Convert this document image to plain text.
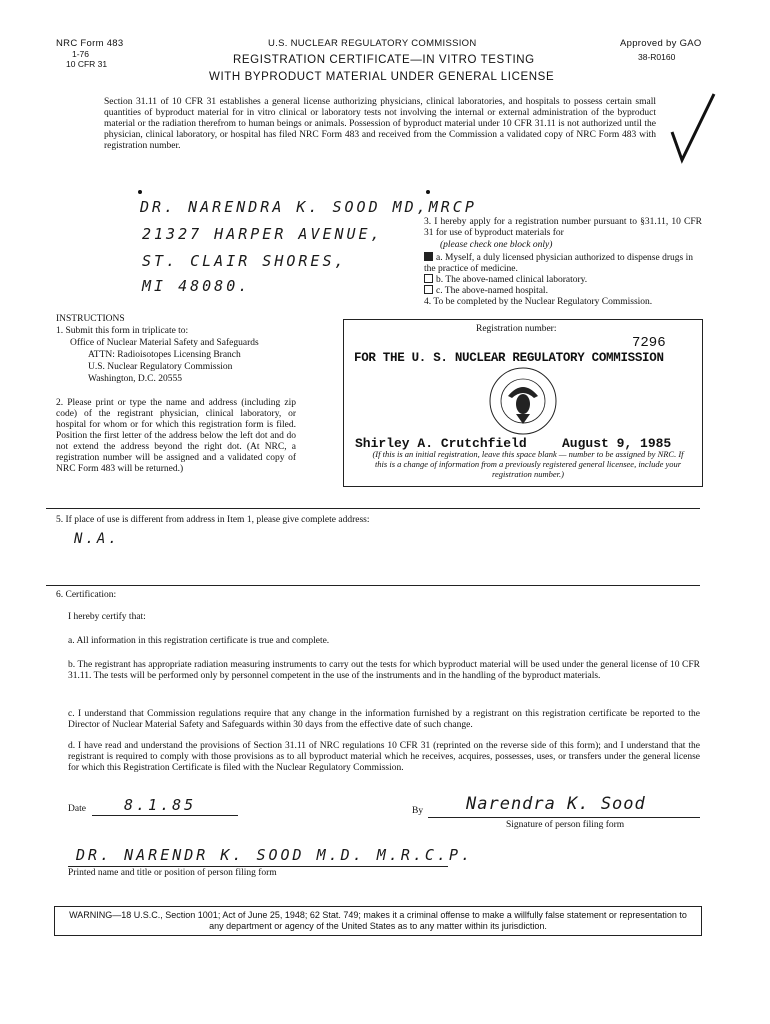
NRC Form 483
1-76
10 CFR 31
U.S. NUCLEAR REGULATORY COMMISSION	Approved by GAO
38-R0160
REGISTRATION CERTIFICATE—IN VITRO TESTING
WITH BYPRODUCT MATERIAL UNDER GENERAL LICENSE
Section 31.11 of 10 CFR 31 establishes a general license authorizing physicians, clinical laboratories, and hospitals to possess certain small quantities of byproduct material for in vitro clinical or laboratory tests not involving the internal or external administration of the byproduct material or the radiation therefrom to human beings or animals. Possession of byproduct material under 10 CFR 31.11 is not authorized until the physician, clinical laboratory, or hospital has filed NRC Form 483 and received from the Commission a validated copy of NRC Form 483 with registration number.
DR. NARENDRA K. SOOD MD,MRCP
21327 HARPER AVENUE,
ST. CLAIR SHORES,
MI 48080.
3. I hereby apply for a registration number pursuant to §31.11, 10 CFR 31 for use of byproduct materials for
(please check one block only)
a. Myself, a duly licensed physician authorized to dispense drugs in the practice of medicine.
b. The above-named clinical laboratory.
c. The above-named hospital.
4. To be completed by the Nuclear Regulatory Commission.
INSTRUCTIONS
1. Submit this form in triplicate to:
Office of Nuclear Material Safety and Safeguards
ATTN: Radioisotopes Licensing Branch
U.S. Nuclear Regulatory Commission
Washington, D.C. 20555
2. Please print or type the name and address (including zip code) of the registrant physician, clinical laboratory, or hospital for whom or for which this registration form is filed. Position the first letter of the address below the left dot and do not extend the address beyond the right dot. (At NRC, a registration number will be assigned and a validated copy of NRC Form 483 will be returned.)
Registration number:
7296
FOR THE U. S. NUCLEAR REGULATORY COMMISSION
Shirley A. Crutchfield	August 9, 1985
(If this is an initial registration, leave this space blank — number to be assigned by NRC. If this is a change of information from a previously registered general licensee, include your registration number.)
5. If place of use is different from address in Item 1, please give complete address:
N.A.
6. Certification:
I hereby certify that:
a. All information in this registration certificate is true and complete.
b. The registrant has appropriate radiation measuring instruments to carry out the tests for which byproduct material will be used under the general license of 10 CFR 31.11. The tests will be performed only by personnel competent in the use of the instruments and in the handling of the byproduct materials.
c. I understand that Commission regulations require that any change in the information furnished by a registrant on this registration certificate be reported to the Director of Nuclear Material Safety and Safeguards within 30 days from the effective date of such change.
d. I have read and understand the provisions of Section 31.11 of NRC regulations 10 CFR 31 (reprinted on the reverse side of this form); and I understand that the registrant is required to comply with those provisions as to all byproduct material which he receives, acquires, possesses, uses, or transfers under the general license for which this Registration Certificate is filed with the Nuclear Regulatory Commission.
Date	8.1.85	By	Narendra K. Sood
Signature of person filing form
DR. NARENDR K. SOOD M.D. M.R.C.P.
Printed name and title or position of person filing form
WARNING—18 U.S.C., Section 1001; Act of June 25, 1948; 62 Stat. 749; makes it a criminal offense to make a willfully false statement or representation to any department or agency of the United States as to any matter within its jurisdiction.
